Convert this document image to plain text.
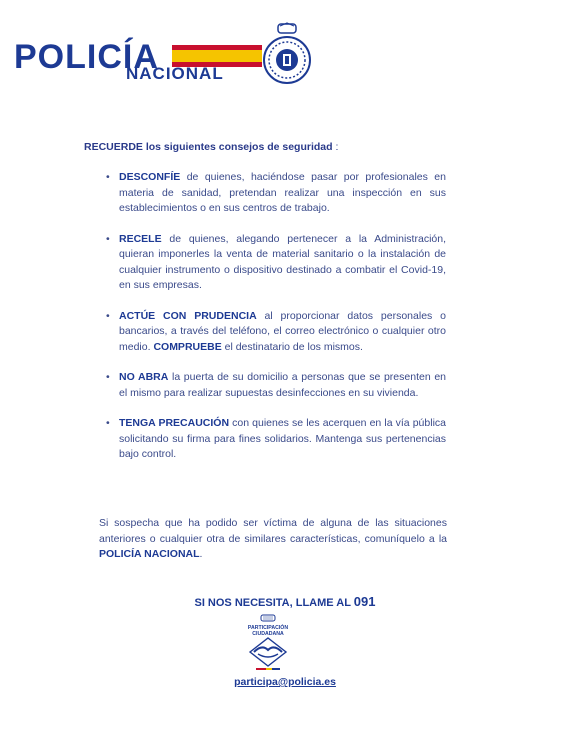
POLICÍA
NACIONAL
RECUERDE los siguientes consejos de seguridad :
• DESCONFÍE de quienes, haciéndose pasar por profesionales en materia de sanidad, pretendan realizar una inspección en sus establecimientos o en sus centros de trabajo.
• RECELE de quienes, alegando pertenecer a la Administración, quieran imponerles la venta de material sanitario o la instalación de cualquier instrumento o dispositivo destinado a combatir el Covid-19, en sus empresas.
• ACTÚE CON PRUDENCIA al proporcionar datos personales o bancarios, a través del teléfono, el correo electrónico o cualquier otro medio. COMPRUEBE el destinatario de los mismos.
• NO ABRA la puerta de su domicilio a personas que se presenten en el mismo para realizar supuestas desinfecciones en su vivienda.
• TENGA PRECAUCIÓN con quienes se les acerquen en la vía pública solicitando su firma para fines solidarios. Mantenga sus pertenencias bajo control.
Si sospecha que ha podido ser víctima de alguna de las situaciones anteriores o cualquier otra de similares características, comuníquelo a la POLICÍA NACIONAL.
SI NOS NECESITA, LLAME AL 091
PARTICIPACIÓN
CIUDADANA
participa@policia.es
